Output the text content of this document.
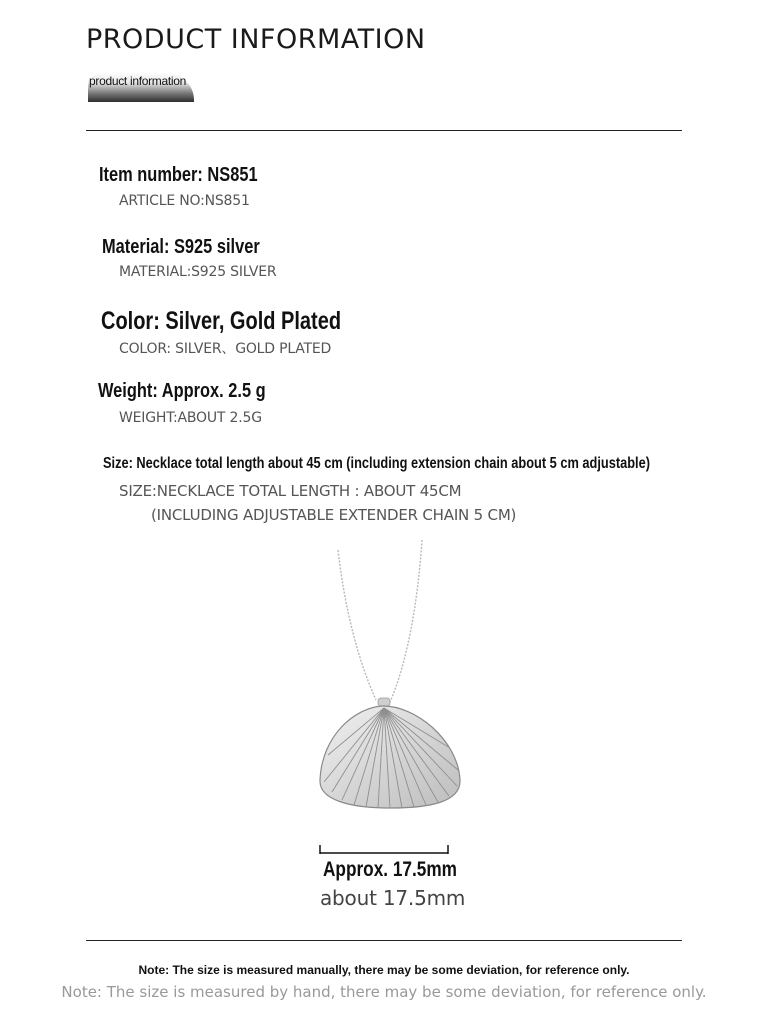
PRODUCT INFORMATION
product information
Item number: NS851
ARTICLE NO:NS851
Material: S925 silver
MATERIAL:S925 SILVER
Color: Silver, Gold Plated
COLOR: SILVER、GOLD PLATED
Weight: Approx. 2.5 g
WEIGHT:ABOUT 2.5G
Size: Necklace total length about 45 cm (including extension chain about 5 cm adjustable)
SIZE:NECKLACE TOTAL LENGTH : ABOUT 45CM
(INCLUDING ADJUSTABLE EXTENDER CHAIN 5 CM)
Approx. 17.5mm
about 17.5mm
Note: The size is measured manually, there may be some deviation, for reference only.
Note: The size is measured by hand, there may be some deviation, for reference only.
